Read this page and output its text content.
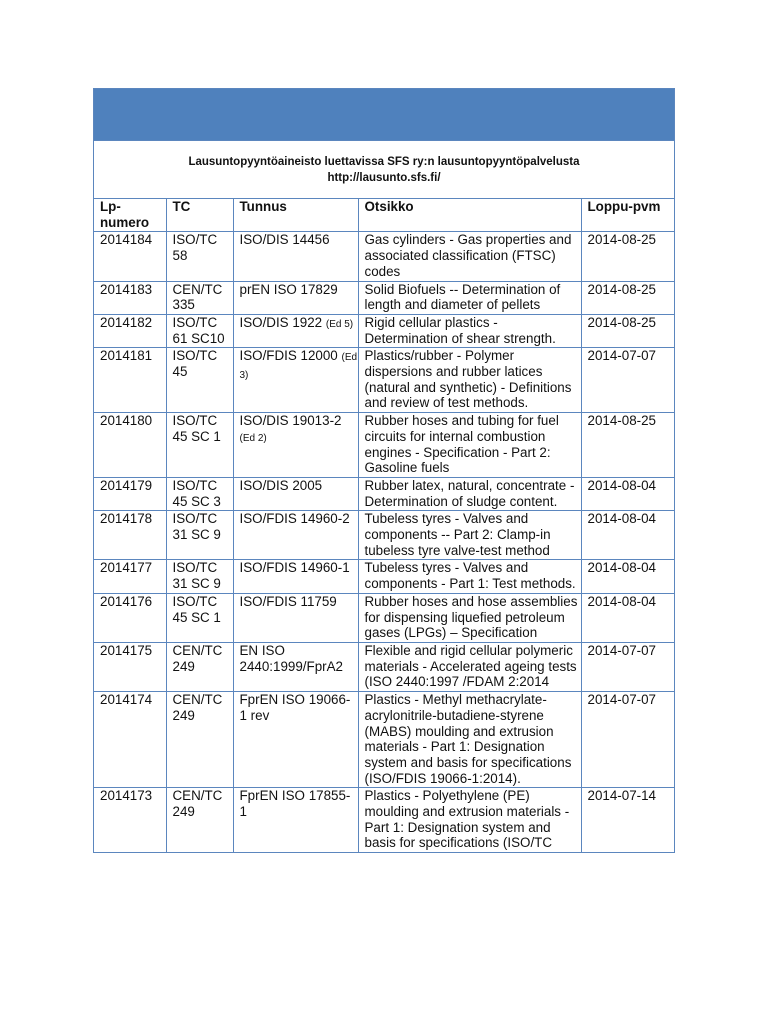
Lausuntopyyntöaineisto luettavissa SFS ry:n lausuntopyyntöpalvelusta
http://lausunto.sfs.fi/
Lp-numero	TC	Tunnus	Otsikko	Loppu-pvm
2014184	ISO/TC 58	ISO/DIS 14456	Gas cylinders - Gas properties and associated classification (FTSC) codes	2014-08-25
2014183	CEN/TC 335	prEN ISO 17829	Solid Biofuels -- Determination of length and diameter of pellets	2014-08-25
2014182	ISO/TC 61 SC10	ISO/DIS 1922 (Ed 5)	Rigid cellular plastics - Determination of shear strength.	2014-08-25
2014181	ISO/TC 45	ISO/FDIS 12000 (Ed 3)	Plastics/rubber - Polymer dispersions and rubber latices (natural and synthetic) - Definitions and review of test methods.	2014-07-07
2014180	ISO/TC 45 SC 1	ISO/DIS 19013-2 (Ed 2)	Rubber hoses and tubing for fuel circuits for internal combustion engines - Specification - Part 2: Gasoline fuels	2014-08-25
2014179	ISO/TC 45 SC 3	ISO/DIS 2005	Rubber latex, natural, concentrate - Determination of sludge content.	2014-08-04
2014178	ISO/TC 31 SC 9	ISO/FDIS 14960-2	Tubeless tyres - Valves and components -- Part 2: Clamp-in tubeless tyre valve-test method	2014-08-04
2014177	ISO/TC 31 SC 9	ISO/FDIS 14960-1	Tubeless tyres - Valves and components - Part 1: Test methods.	2014-08-04
2014176	ISO/TC 45 SC 1	ISO/FDIS 11759	Rubber hoses and hose assemblies for dispensing liquefied petroleum gases (LPGs) – Specification	2014-08-04
2014175	CEN/TC 249	EN ISO 2440:1999/FprA2	Flexible and rigid cellular polymeric materials - Accelerated ageing tests (ISO 2440:1997 /FDAM 2:2014	2014-07-07
2014174	CEN/TC 249	FprEN ISO 19066-1 rev	Plastics - Methyl methacrylate-acrylonitrile-butadiene-styrene (MABS) moulding and extrusion materials - Part 1: Designation system and basis for specifications (ISO/FDIS 19066-1:2014).	2014-07-07
2014173	CEN/TC 249	FprEN ISO 17855-1	Plastics - Polyethylene (PE) moulding and extrusion materials - Part 1: Designation system and basis for specifications (ISO/TC	2014-07-14
